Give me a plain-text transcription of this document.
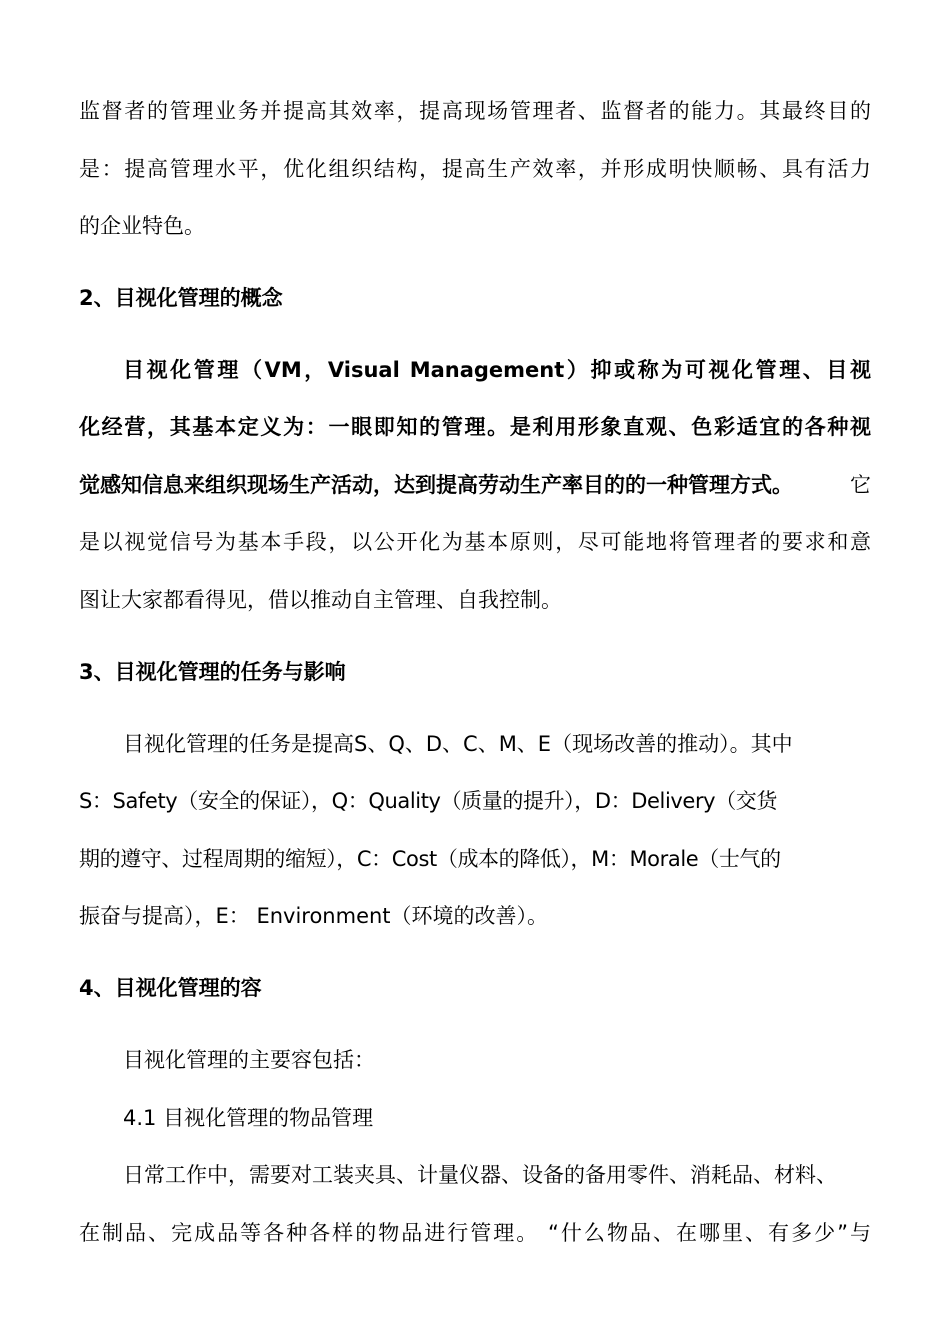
监督者的管理业务并提高其效率，提高现场管理者、监督者的能力。其最终目的
是：提高管理水平，优化组织结构，提高生产效率，并形成明快顺畅、具有活力
的企业特色。
2、目视化管理的概念
目视化管理（VM，Visual Management）抑或称为可视化管理、目视
化经营，其基本定义为：一眼即知的管理。是利用形象直观、色彩适宜的各种视
觉感知信息来组织现场生产活动，达到提高劳动生产率目的的一种管理方式。	它
是以视觉信号为基本手段，以公开化为基本原则，尽可能地将管理者的要求和意
图让大家都看得见，借以推动自主管理、自我控制。
3、目视化管理的任务与影响
目视化管理的任务是提高S、Q、D、C、M、E（现场改善的推动）。其中
S：Safety（安全的保证），Q：Quality（质量的提升），D：Delivery（交货
期的遵守、过程周期的缩短），C：Cost（成本的降低），M：Morale（士气的
振奋与提高），E： Environment（环境的改善）。
4、目视化管理的容
目视化管理的主要容包括：
4.1 目视化管理的物品管理
日常工作中，需要对工装夹具、计量仪器、设备的备用零件、消耗品、材料、
在制品、完成品等各种各样的物品进行管理。 “什么物品、在哪里、有多少”与
